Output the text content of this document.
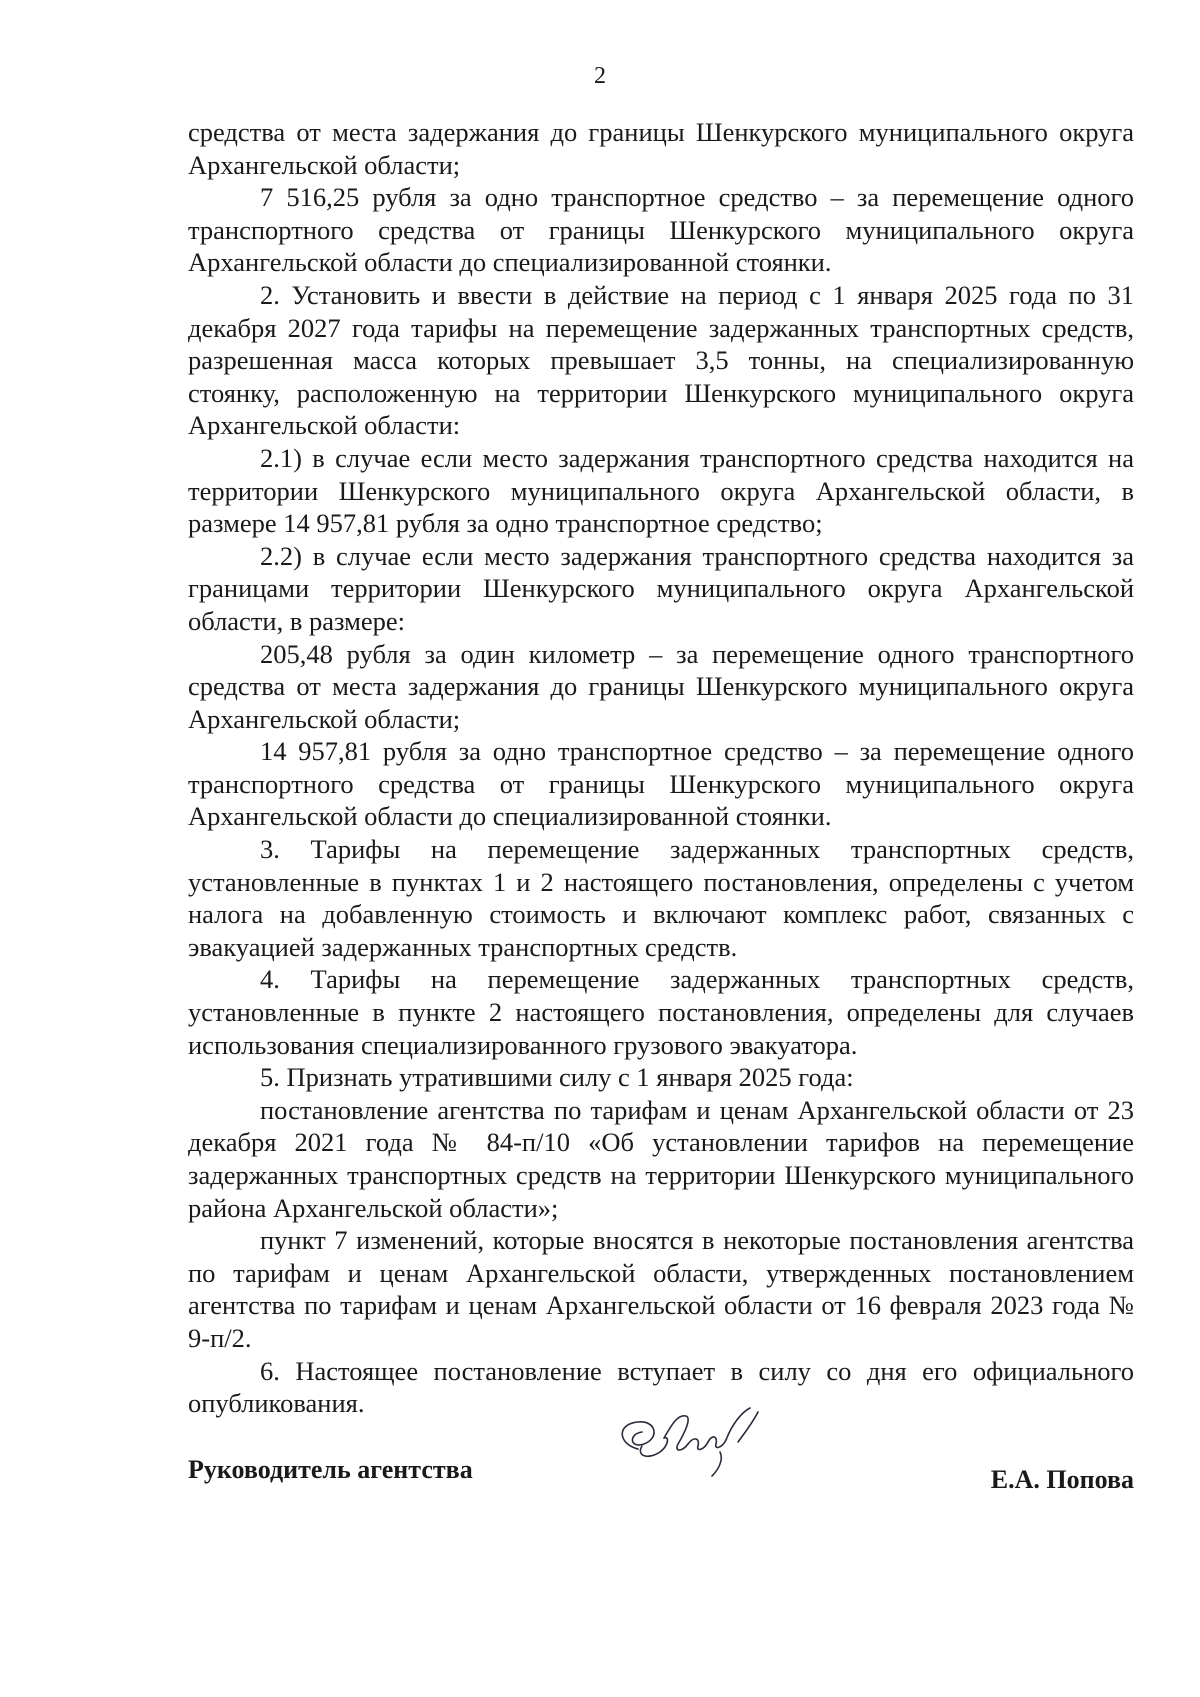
2

средства от места задержания до границы Шенкурского муниципального округа Архангельской области;

7 516,25 рубля за одно транспортное средство – за перемещение одного транспортного средства от границы Шенкурского муниципального округа Архангельской области до специализированной стоянки.

2. Установить и ввести в действие на период с 1 января 2025 года по 31 декабря 2027 года тарифы на перемещение задержанных транспортных средств, разрешенная масса которых превышает 3,5 тонны, на специализированную стоянку, расположенную на территории Шенкурского муниципального округа Архангельской области:

2.1) в случае если место задержания транспортного средства находится на территории Шенкурского муниципального округа Архангельской области, в размере 14 957,81 рубля за одно транспортное средство;

2.2) в случае если место задержания транспортного средства находится за границами территории Шенкурского муниципального округа Архангельской области, в размере:

205,48 рубля за один километр – за перемещение одного транспортного средства от места задержания до границы Шенкурского муниципального округа Архангельской области;

14 957,81 рубля за одно транспортное средство – за перемещение одного транспортного средства от границы Шенкурского муниципального округа Архангельской области до специализированной стоянки.

3. Тарифы на перемещение задержанных транспортных средств, установленные в пунктах 1 и 2 настоящего постановления, определены с учетом налога на добавленную стоимость и включают комплекс работ, связанных с эвакуацией задержанных транспортных средств.

4. Тарифы на перемещение задержанных транспортных средств, установленные в пункте 2 настоящего постановления, определены для случаев использования специализированного грузового эвакуатора.

5. Признать утратившими силу с 1 января 2025 года:

постановление агентства по тарифам и ценам Архангельской области от 23 декабря 2021 года № 84-п/10 «Об установлении тарифов на перемещение задержанных транспортных средств на территории Шенкурского муниципального района Архангельской области»;

пункт 7 изменений, которые вносятся в некоторые постановления агентства по тарифам и ценам Архангельской области, утвержденных постановлением агентства по тарифам и ценам Архангельской области от 16 февраля 2023 года № 9-п/2.

6. Настоящее постановление вступает в силу со дня его официального опубликования.

Руководитель агентства	Е.А. Попова
